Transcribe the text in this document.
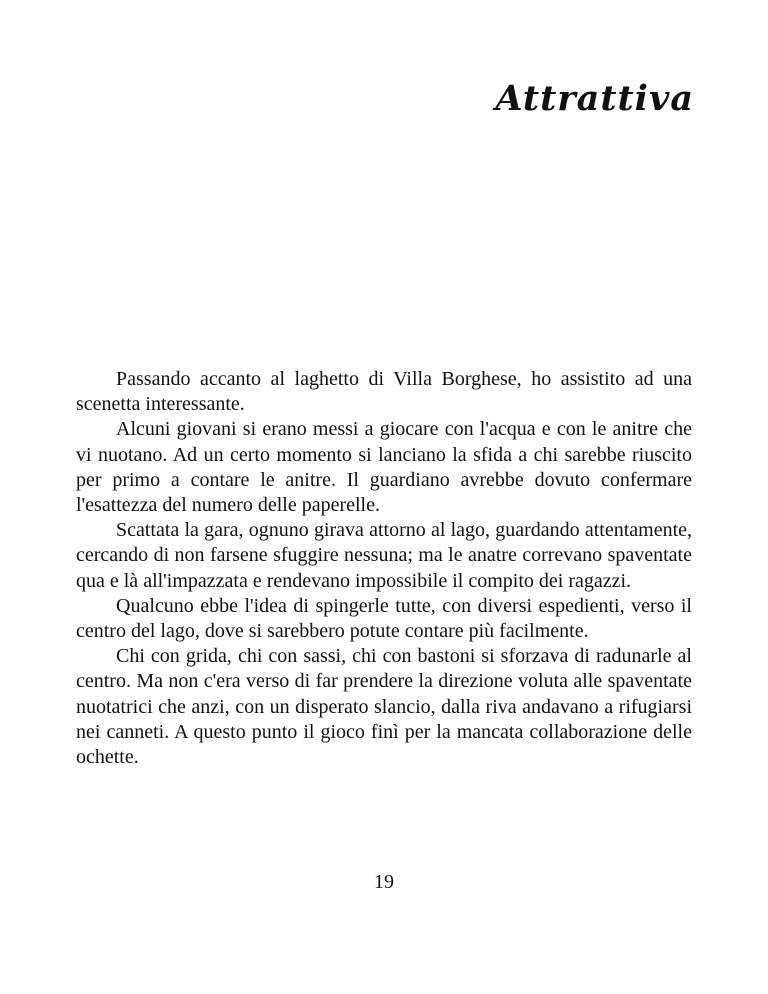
Attrattiva

Passando accanto al laghetto di Villa Borghese, ho assistito ad una scenetta interessante.

Alcuni giovani si erano messi a giocare con l'acqua e con le anitre che vi nuotano. Ad un certo momento si lanciano la sfida a chi sarebbe riuscito per primo a contare le anitre. Il guardiano avrebbe dovuto confermare l'esattezza del numero delle paperelle.

Scattata la gara, ognuno girava attorno al lago, guardando attentamente, cercando di non farsene sfuggire nessuna; ma le anatre correvano spaventate qua e là all'impazzata e rendevano impossibile il compito dei ragazzi.

Qualcuno ebbe l'idea di spingerle tutte, con diversi espedienti, verso il centro del lago, dove si sarebbero potute contare più facilmente.

Chi con grida, chi con sassi, chi con bastoni si sforzava di radunarle al centro. Ma non c'era verso di far prendere la direzione voluta alle spaventate nuotatrici che anzi, con un disperato slancio, dalla riva andavano a rifugiarsi nei canneti. A questo punto il gioco finì per la mancata collaborazione delle ochette.

19
